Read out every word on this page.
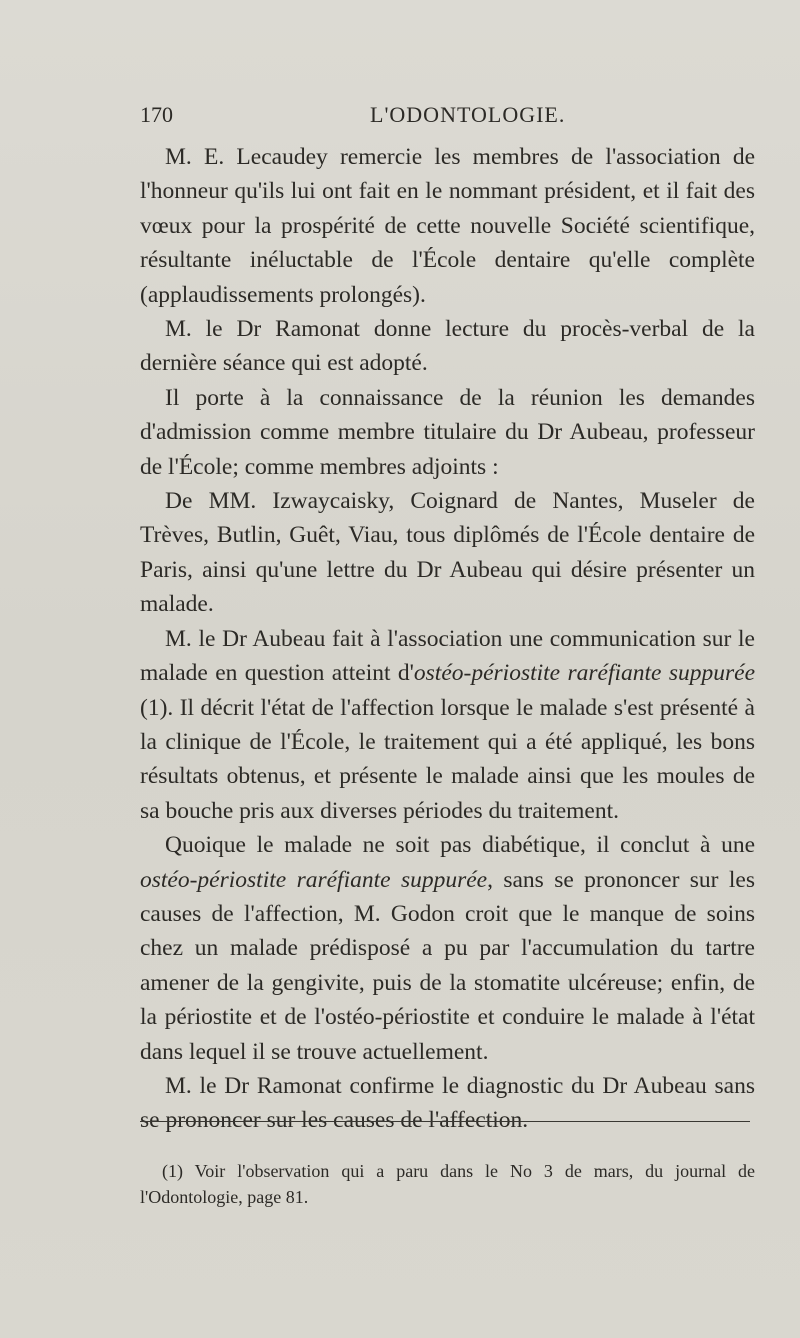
170	L'ODONTOLOGIE.

M. E. Lecaudey remercie les membres de l'association de l'honneur qu'ils lui ont fait en le nommant président, et il fait des vœux pour la prospérité de cette nouvelle Société scientifique, résultante inéluctable de l'École dentaire qu'elle complète (applaudissements prolongés).

M. le Dr Ramonat donne lecture du procès-verbal de la dernière séance qui est adopté.

Il porte à la connaissance de la réunion les demandes d'admission comme membre titulaire du Dr Aubeau, professeur de l'École; comme membres adjoints :

De MM. Izwaycaisky, Coignard de Nantes, Museler de Trèves, Butlin, Guêt, Viau, tous diplômés de l'École dentaire de Paris, ainsi qu'une lettre du Dr Aubeau qui désire présenter un malade.

M. le Dr Aubeau fait à l'association une communication sur le malade en question atteint d'ostéo-périostite raréfiante suppurée (1). Il décrit l'état de l'affection lorsque le malade s'est présenté à la clinique de l'École, le traitement qui a été appliqué, les bons résultats obtenus, et présente le malade ainsi que les moules de sa bouche pris aux diverses périodes du traitement.

Quoique le malade ne soit pas diabétique, il conclut à une ostéo-périostite raréfiante suppurée, sans se prononcer sur les causes de l'affection, M. Godon croit que le manque de soins chez un malade prédisposé a pu par l'accumulation du tartre amener de la gengivite, puis de la stomatite ulcéreuse; enfin, de la périostite et de l'ostéo-périostite et conduire le malade à l'état dans lequel il se trouve actuellement.

M. le Dr Ramonat confirme le diagnostic du Dr Aubeau sans se prononcer sur les causes de l'affection.

(1) Voir l'observation qui a paru dans le No 3 de mars, du journal de l'Odontologie, page 81.
